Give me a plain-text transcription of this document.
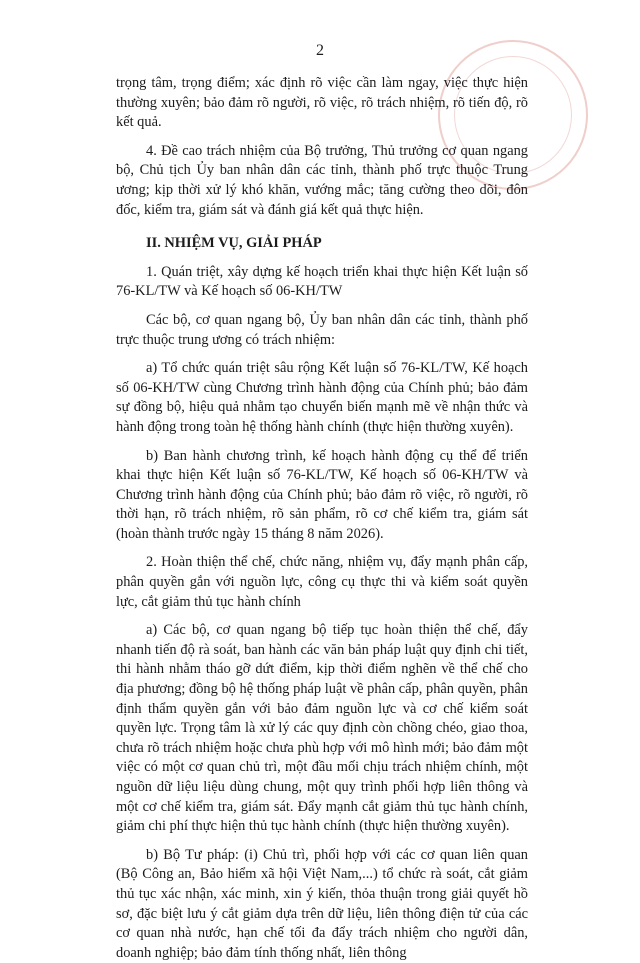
2

trọng tâm, trọng điểm; xác định rõ việc cần làm ngay, việc thực hiện thường xuyên; bảo đảm rõ người, rõ việc, rõ trách nhiệm, rõ tiến độ, rõ kết quả.

4. Đề cao trách nhiệm của Bộ trưởng, Thủ trưởng cơ quan ngang bộ, Chủ tịch Ủy ban nhân dân các tỉnh, thành phố trực thuộc Trung ương; kịp thời xử lý khó khăn, vướng mắc; tăng cường theo dõi, đôn đốc, kiểm tra, giám sát và đánh giá kết quả thực hiện.

II. NHIỆM VỤ, GIẢI PHÁP

1. Quán triệt, xây dựng kế hoạch triển khai thực hiện Kết luận số 76-KL/TW và Kế hoạch số 06-KH/TW

Các bộ, cơ quan ngang bộ, Ủy ban nhân dân các tỉnh, thành phố trực thuộc trung ương có trách nhiệm:

a) Tổ chức quán triệt sâu rộng Kết luận số 76-KL/TW, Kế hoạch số 06-KH/TW cùng Chương trình hành động của Chính phủ; bảo đảm sự đồng bộ, hiệu quả nhằm tạo chuyển biến mạnh mẽ về nhận thức và hành động trong toàn hệ thống hành chính (thực hiện thường xuyên).

b) Ban hành chương trình, kế hoạch hành động cụ thể để triển khai thực hiện Kết luận số 76-KL/TW, Kế hoạch số 06-KH/TW và Chương trình hành động của Chính phủ; bảo đảm rõ việc, rõ người, rõ thời hạn, rõ trách nhiệm, rõ sản phẩm, rõ cơ chế kiểm tra, giám sát (hoàn thành trước ngày 15 tháng 8 năm 2026).

2. Hoàn thiện thể chế, chức năng, nhiệm vụ, đẩy mạnh phân cấp, phân quyền gắn với nguồn lực, công cụ thực thi và kiểm soát quyền lực, cắt giảm thủ tục hành chính

a) Các bộ, cơ quan ngang bộ tiếp tục hoàn thiện thể chế, đẩy nhanh tiến độ rà soát, ban hành các văn bản pháp luật quy định chi tiết, thi hành nhằm tháo gỡ dứt điểm, kịp thời điểm nghẽn về thể chế cho địa phương; đồng bộ hệ thống pháp luật về phân cấp, phân quyền, phân định thẩm quyền gắn với bảo đảm nguồn lực và cơ chế kiểm soát quyền lực. Trọng tâm là xử lý các quy định còn chồng chéo, giao thoa, chưa rõ trách nhiệm hoặc chưa phù hợp với mô hình mới; bảo đảm một việc có một cơ quan chủ trì, một đầu mối chịu trách nhiệm chính, một nguồn dữ liệu liệu dùng chung, một quy trình phối hợp liên thông và một cơ chế kiểm tra, giám sát. Đẩy mạnh cắt giảm thủ tục hành chính, giảm chi phí thực hiện thủ tục hành chính (thực hiện thường xuyên).

b) Bộ Tư pháp: (i) Chủ trì, phối hợp với các cơ quan liên quan (Bộ Công an, Bảo hiểm xã hội Việt Nam,...) tổ chức rà soát, cắt giảm thủ tục xác nhận, xác minh, xin ý kiến, thỏa thuận trong giải quyết hồ sơ, đặc biệt lưu ý cắt giảm dựa trên dữ liệu, liên thông điện tử của các cơ quan nhà nước, hạn chế tối đa đẩy trách nhiệm cho người dân, doanh nghiệp; bảo đảm tính thống nhất, liên thông
